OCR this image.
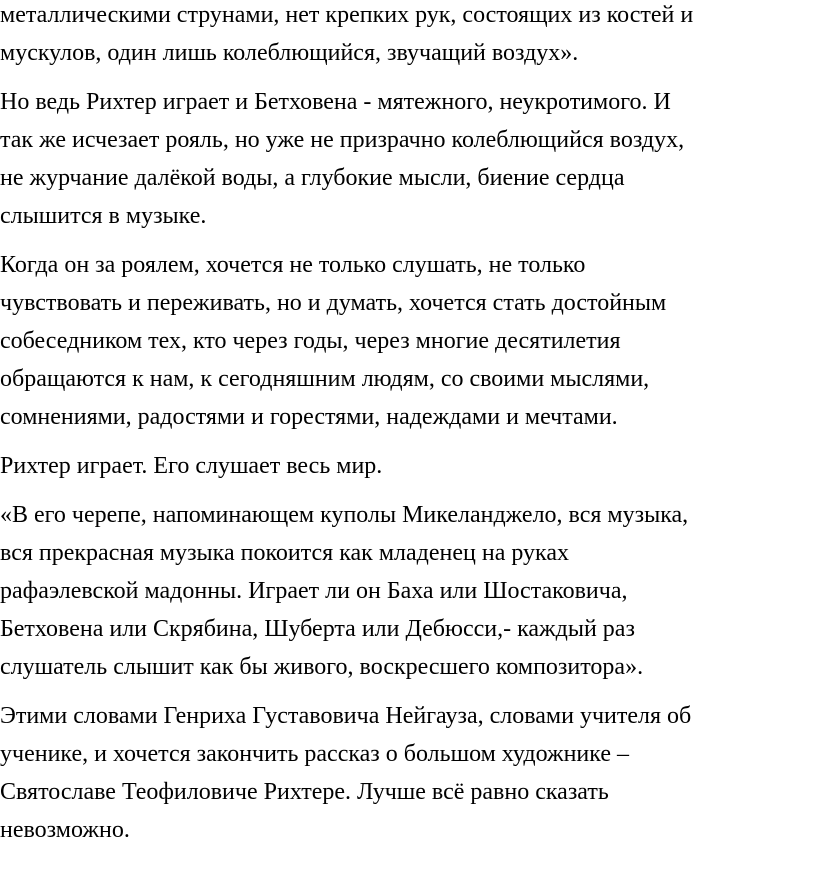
металлическими струнами, нет крепких рук, состоящих из костей и
мускулов, один лишь колеблющийся, звучащий воздух».

Но ведь Рихтер играет и Бетховена - мятежного, неукротимого. И
так же исчезает рояль, но уже не призрачно колеблющийся воздух,
не журчание далёкой воды, а глубокие мысли, биение сердца
слышится в музыке.

Когда он за роялем, хочется не только слушать, не только
чувствовать и переживать, но и думать, хочется стать достойным
собеседником тех, кто через годы, через многие десятилетия
обращаются к нам, к сегодняшним людям, со своими мыслями,
сомнениями, радостями и горестями, надеждами и мечтами.

Рихтер играет. Его слушает весь мир.

«В его черепе, напоминающем куполы Микеланджело, вся музыка,
вся прекрасная музыка покоится как младенец на руках
рафаэлевской мадонны. Играет ли он Баха или Шостаковича,
Бетховена или Скрябина, Шуберта или Дебюсси,- каждый раз
слушатель слышит как бы живого, воскресшего композитора».

Этими словами Генриха Густавовича Нейгауза, словами учителя об
ученике, и хочется закончить рассказ о большом художнике –
Святославе Теофиловиче Рихтере. Лучше всё равно сказать
невозможно.
